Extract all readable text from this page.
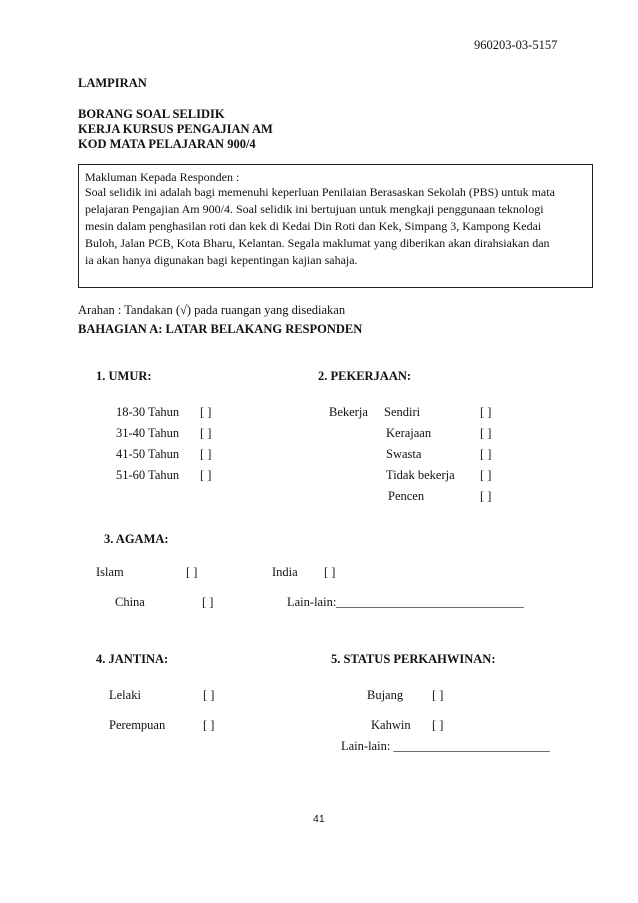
960203-03-5157
LAMPIRAN
BORANG SOAL SELIDIK
KERJA KURSUS PENGAJIAN AM
KOD MATA PELAJARAN 900/4
Makluman Kepada Responden :
Soal selidik ini adalah bagi memenuhi keperluan Penilaian Berasaskan Sekolah (PBS) untuk mata
pelajaran Pengajian Am 900/4. Soal selidik ini bertujuan untuk mengkaji penggunaan teknologi
mesin dalam penghasilan roti dan kek di Kedai Din Roti dan Kek, Simpang 3, Kampong Kedai
Buloh, Jalan PCB, Kota Bharu, Kelantan. Segala maklumat yang diberikan akan dirahsiakan dan
ia akan hanya digunakan bagi kepentingan kajian sahaja.
Arahan : Tandakan (√) pada ruangan yang disediakan
BAHAGIAN A: LATAR BELAKANG RESPONDEN
1. UMUR:
18-30 Tahun [ ]
31-40 Tahun [ ]
41-50 Tahun [ ]
51-60 Tahun [ ]
2. PEKERJAAN:
Bekerja Sendiri	[ ]
Kerajaan	[ ]
Swasta	[ ]
Tidak bekerja [ ]
Pencen	[ ]
3. AGAMA:
Islam	[ ]	India [ ]
China	[ ]	Lain-lain:______________________________
4. JANTINA:
Lelaki	[ ]
Perempuan	[ ]
5. STATUS PERKAHWINAN:
Bujang [ ]
Kahwin [ ]
Lain-lain: _________________________
41
